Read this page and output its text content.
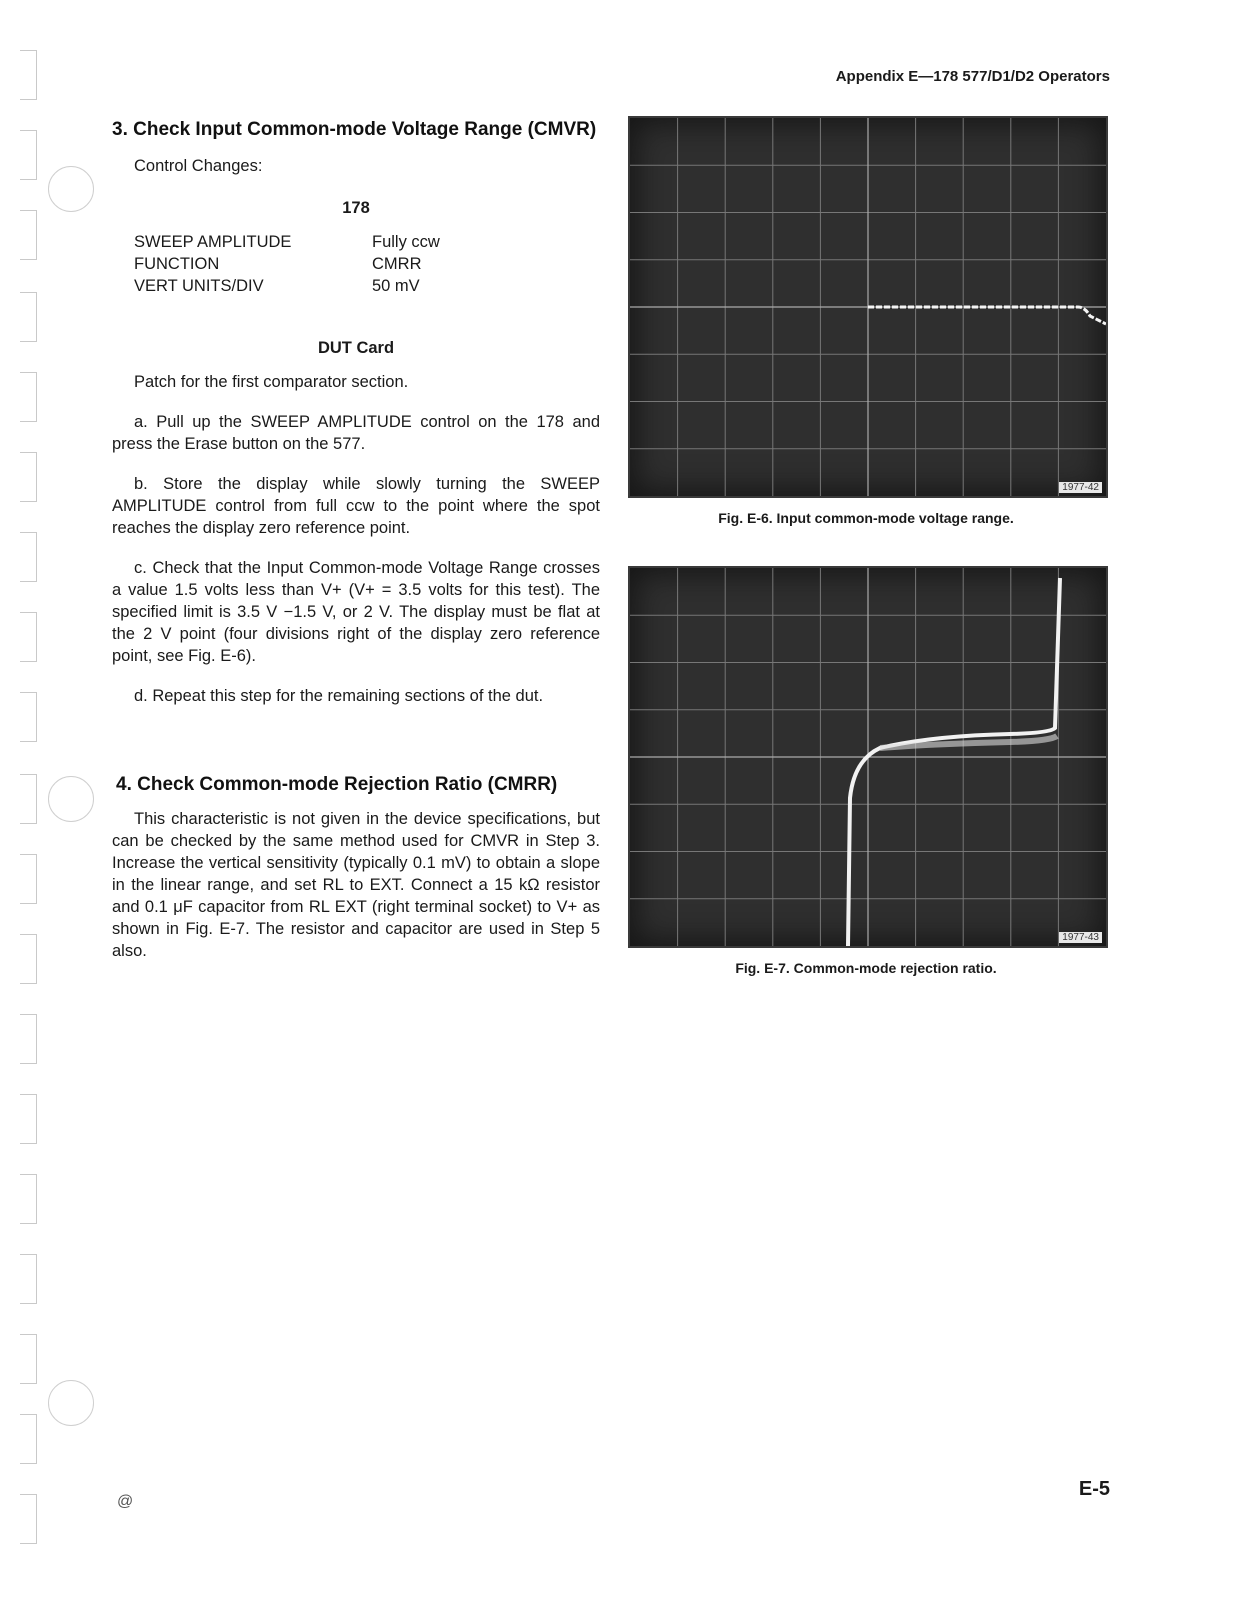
Appendix E—178 577/D1/D2 Operators
3. Check Input Common-mode Voltage Range (CMVR)
Control Changes:
178
SWEEP AMPLITUDE	Fully ccw
FUNCTION	CMRR
VERT UNITS/DIV	50 mV
DUT Card
Patch for the first comparator section.
a. Pull up the SWEEP AMPLITUDE control on the 178 and press the Erase button on the 577.
b. Store the display while slowly turning the SWEEP AMPLITUDE control from full ccw to the point where the spot reaches the display zero reference point.
c. Check that the Input Common-mode Voltage Range crosses a value 1.5 volts less than V+ (V+ = 3.5 volts for this test). The specified limit is 3.5 V −1.5 V, or 2 V. The display must be flat at the 2 V point (four divisions right of the display zero reference point, see Fig. E-6).
d. Repeat this step for the remaining sections of the dut.
4. Check Common-mode Rejection Ratio (CMRR)
This characteristic is not given in the device specifications, but can be checked by the same method used for CMVR in Step 3. Increase the vertical sensitivity (typically 0.1 mV) to obtain a slope in the linear range, and set RL to EXT. Connect a 15 kΩ resistor and 0.1 μF capacitor from RL EXT (right terminal socket) to V+ as shown in Fig. E-7. The resistor and capacitor are used in Step 5 also.
1977-42
Fig. E-6. Input common-mode voltage range.
1977-43
Fig. E-7. Common-mode rejection ratio.
@
E-5
